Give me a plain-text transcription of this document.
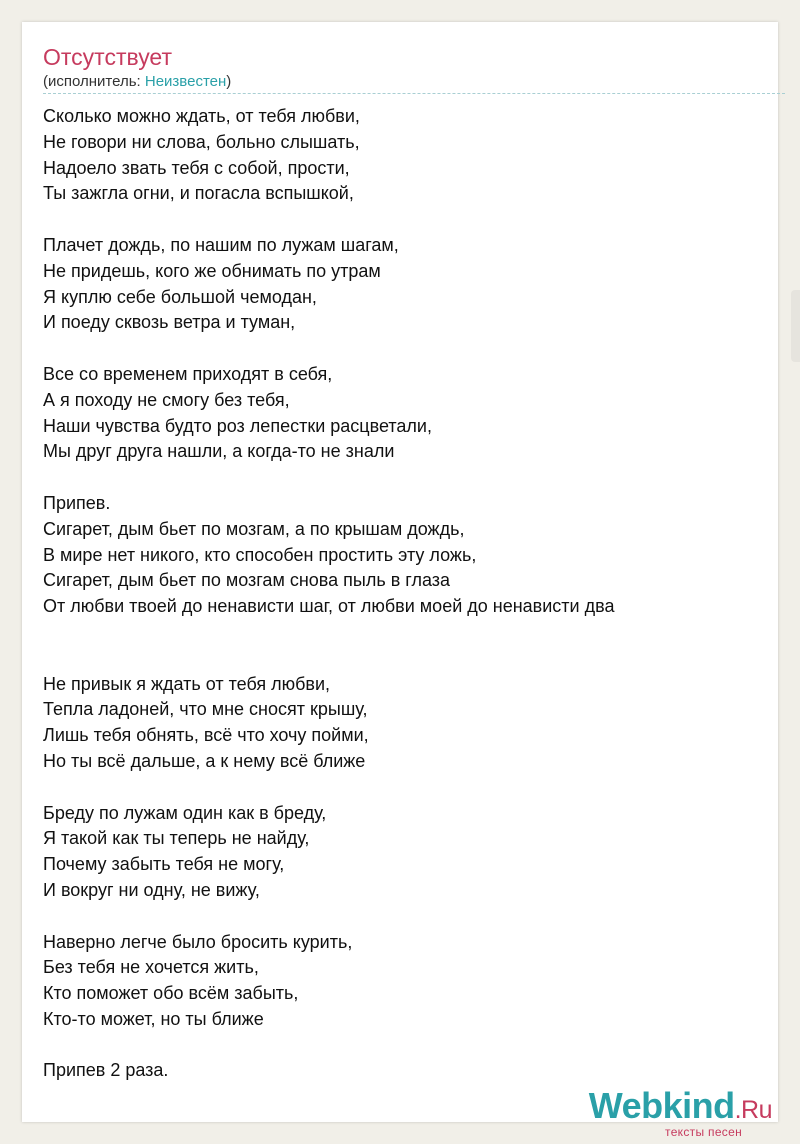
Отсутствует
(исполнитель: Неизвестен)
Сколько можно ждать, от тебя любви,
Не говори ни слова, больно слышать,
Надоело звать тебя с собой, прости,
Ты зажгла огни, и погасла вспышкой,
Плачет дождь, по нашим по лужам шагам,
Не придешь, кого же обнимать по утрам
Я куплю себе большой чемодан,
И поеду сквозь ветра и туман,
Все со временем приходят в себя,
А я походу не смогу без тебя,
Наши чувства будто роз лепестки расцветали,
Мы друг друга нашли, а когда-то не знали
Припев.
Сигарет, дым бьет по мозгам, а по крышам дождь,
В мире нет никого, кто способен простить эту ложь,
Сигарет, дым бьет по мозгам снова пыль в глаза
От любви твоей до ненависти шаг, от любви моей до ненависти два
Не привык я ждать от тебя любви,
Тепла ладоней, что мне сносят крышу,
Лишь тебя обнять, всё что хочу пойми,
Но ты всё дальше, а к нему всё ближе
Бреду по лужам один как в бреду,
Я такой как ты теперь не найду,
Почему забыть тебя не могу,
И вокруг ни одну, не вижу,
Наверно легче было бросить курить,
Без тебя не хочется жить,
Кто поможет обо всём забыть,
Кто-то может, но ты ближе
Припев 2 раза.
Webkind.Ru
тексты песен
